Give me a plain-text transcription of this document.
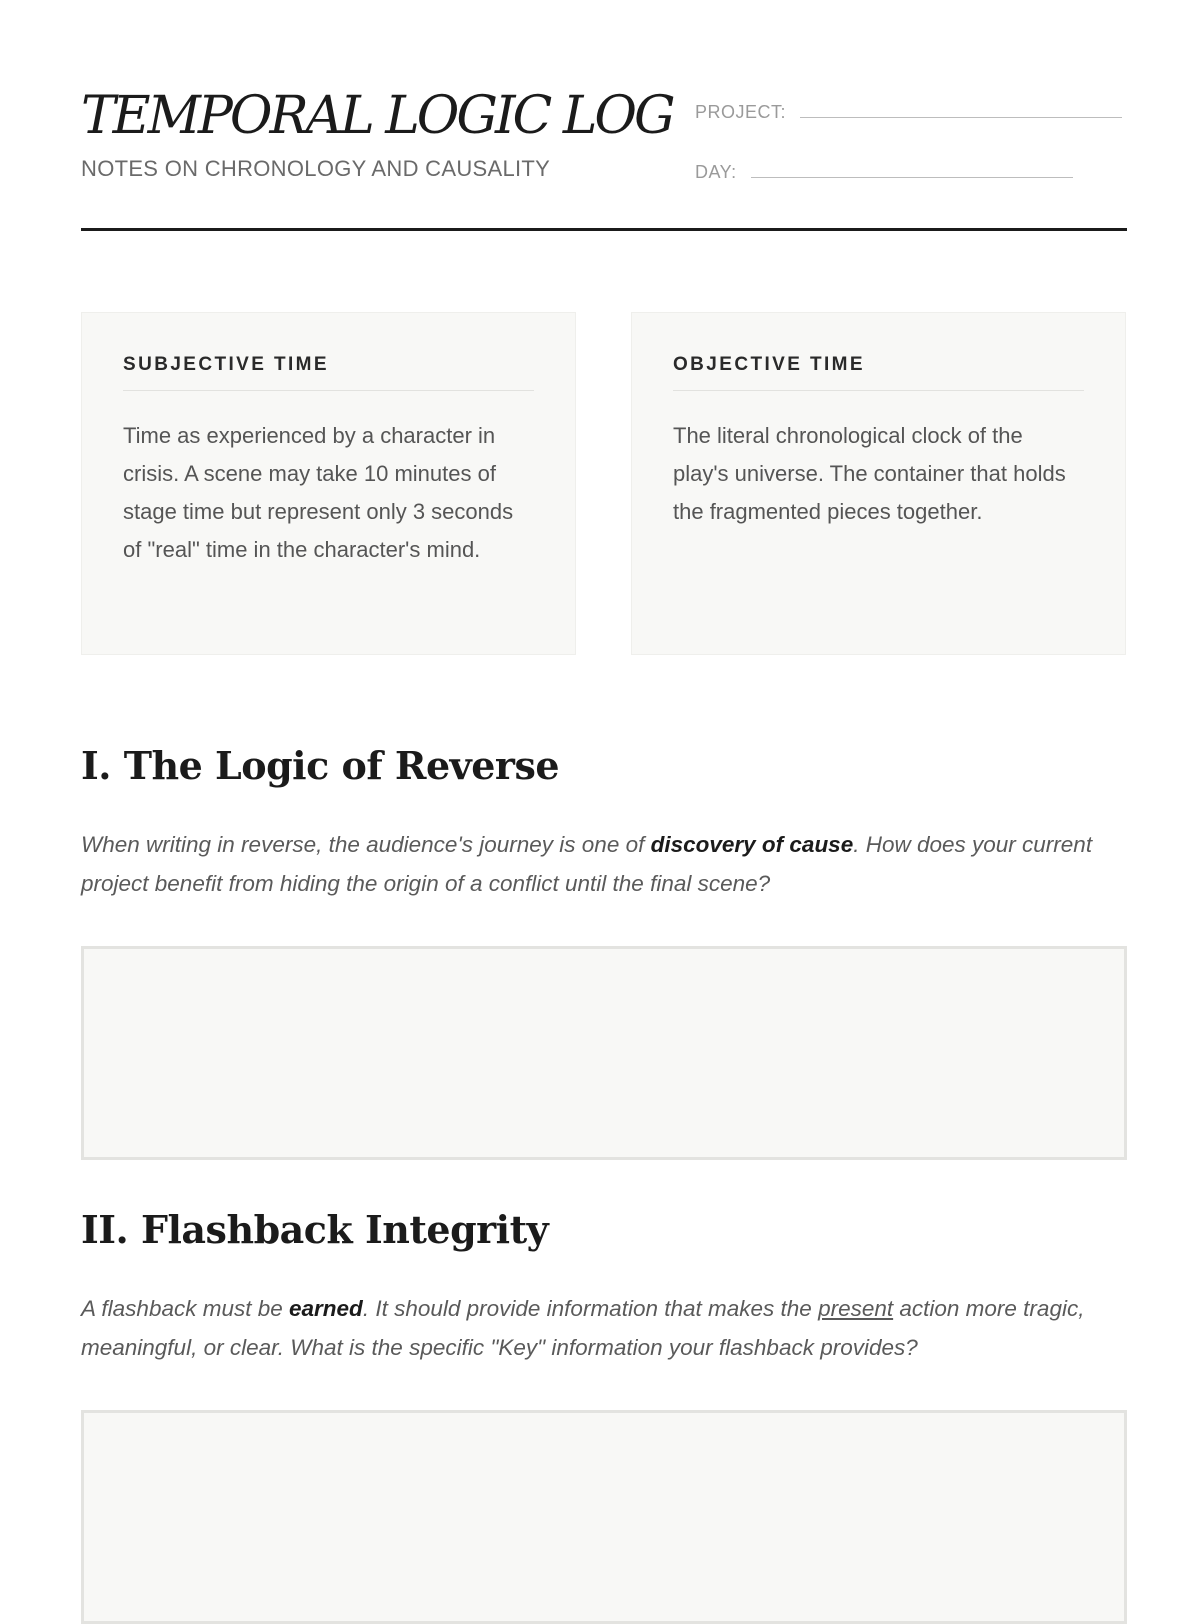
TEMPORAL LOGIC LOG
NOTES ON CHRONOLOGY AND CAUSALITY
PROJECT:
DAY:
SUBJECTIVE TIME

Time as experienced by a character in crisis. A scene may take 10 minutes of stage time but represent only 3 seconds of "real" time in the character's mind.

OBJECTIVE TIME

The literal chronological clock of the play's universe. The container that holds the fragmented pieces together.

I. The Logic of Reverse

When writing in reverse, the audience's journey is one of discovery of cause. How does your current project benefit from hiding the origin of a conflict until the final scene?

II. Flashback Integrity

A flashback must be earned. It should provide information that makes the present action more tragic, meaningful, or clear. What is the specific "Key" information your flashback provides?
